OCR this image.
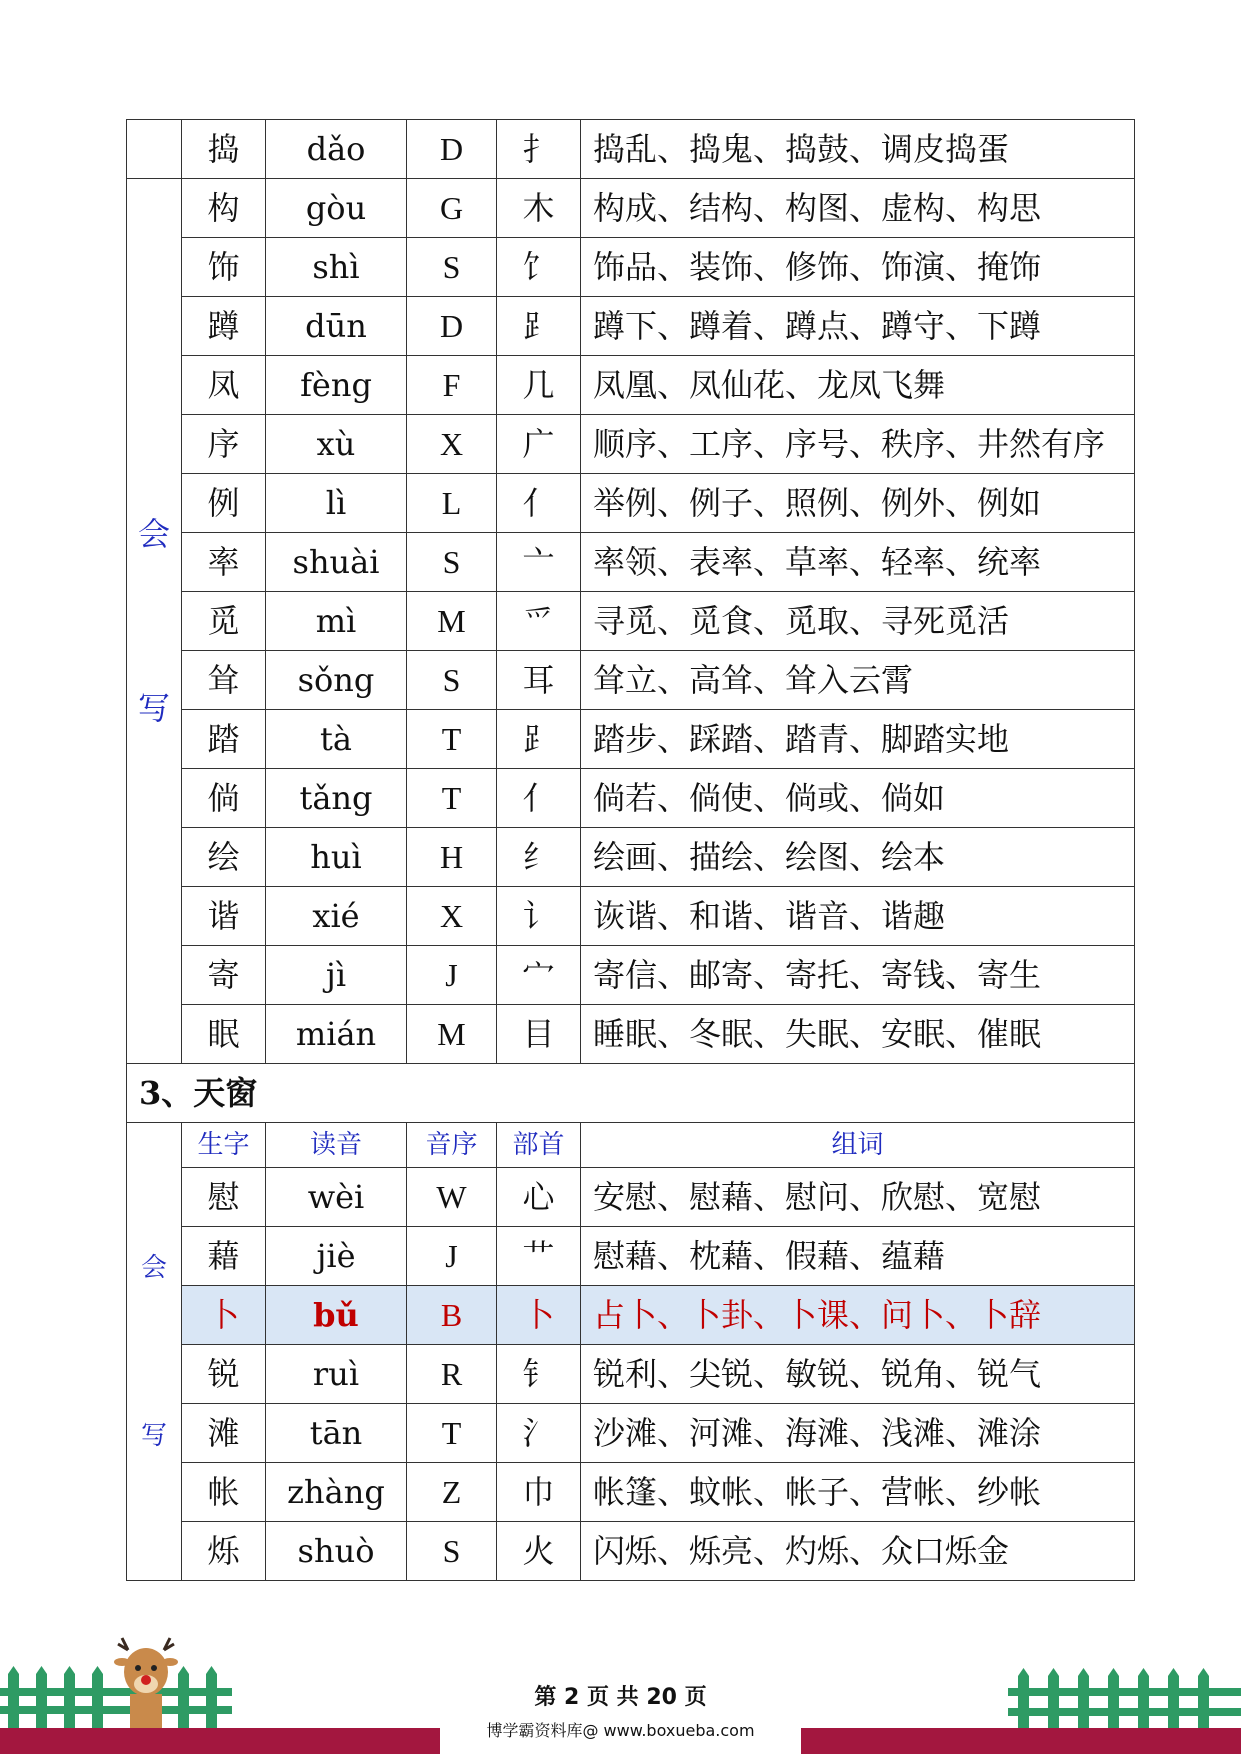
	捣	dǎo	D	扌	捣乱、捣鬼、捣鼓、调皮捣蛋

会
写	构	gòu	G	木	构成、结构、构图、虚构、构思
	饰	shì	S	饣	饰品、装饰、修饰、饰演、掩饰
	蹲	dūn	D	⻊	蹲下、蹲着、蹲点、蹲守、下蹲
	凤	fèng	F	几	凤凰、凤仙花、龙凤飞舞
	序	xù	X	广	顺序、工序、序号、秩序、井然有序
	例	lì	L	亻	举例、例子、照例、例外、例如
	率	shuài	S	亠	率领、表率、草率、轻率、统率
	觅	mì	M	爫	寻觅、觅食、觅取、寻死觅活
	耸	sǒng	S	耳	耸立、高耸、耸入云霄
	踏	tà	T	⻊	踏步、踩踏、踏青、脚踏实地
	倘	tǎng	T	亻	倘若、倘使、倘或、倘如
	绘	huì	H	纟	绘画、描绘、绘图、绘本
	谐	xié	X	讠	诙谐、和谐、谐音、谐趣
	寄	jì	J	宀	寄信、邮寄、寄托、寄钱、寄生
	眠	mián	M	目	睡眠、冬眠、失眠、安眠、催眠
3、天窗					

会
写	生字	读音	音序	部首	组词
	慰	wèi	W	心	安慰、慰藉、慰问、欣慰、宽慰
	藉	jiè	J	艹	慰藉、枕藉、假藉、蕴藉
	卜	bǔ	B	卜	占卜、卜卦、卜课、问卜、卜辞
	锐	ruì	R	钅	锐利、尖锐、敏锐、锐角、锐气
	滩	tān	T	氵	沙滩、河滩、海滩、浅滩、滩涂
	帐	zhàng	Z	巾	帐篷、蚊帐、帐子、营帐、纱帐
	烁	shuò	S	火	闪烁、烁亮、灼烁、众口烁金
第 2 页 共 20 页
博学霸资料库@ www.boxueba.com
